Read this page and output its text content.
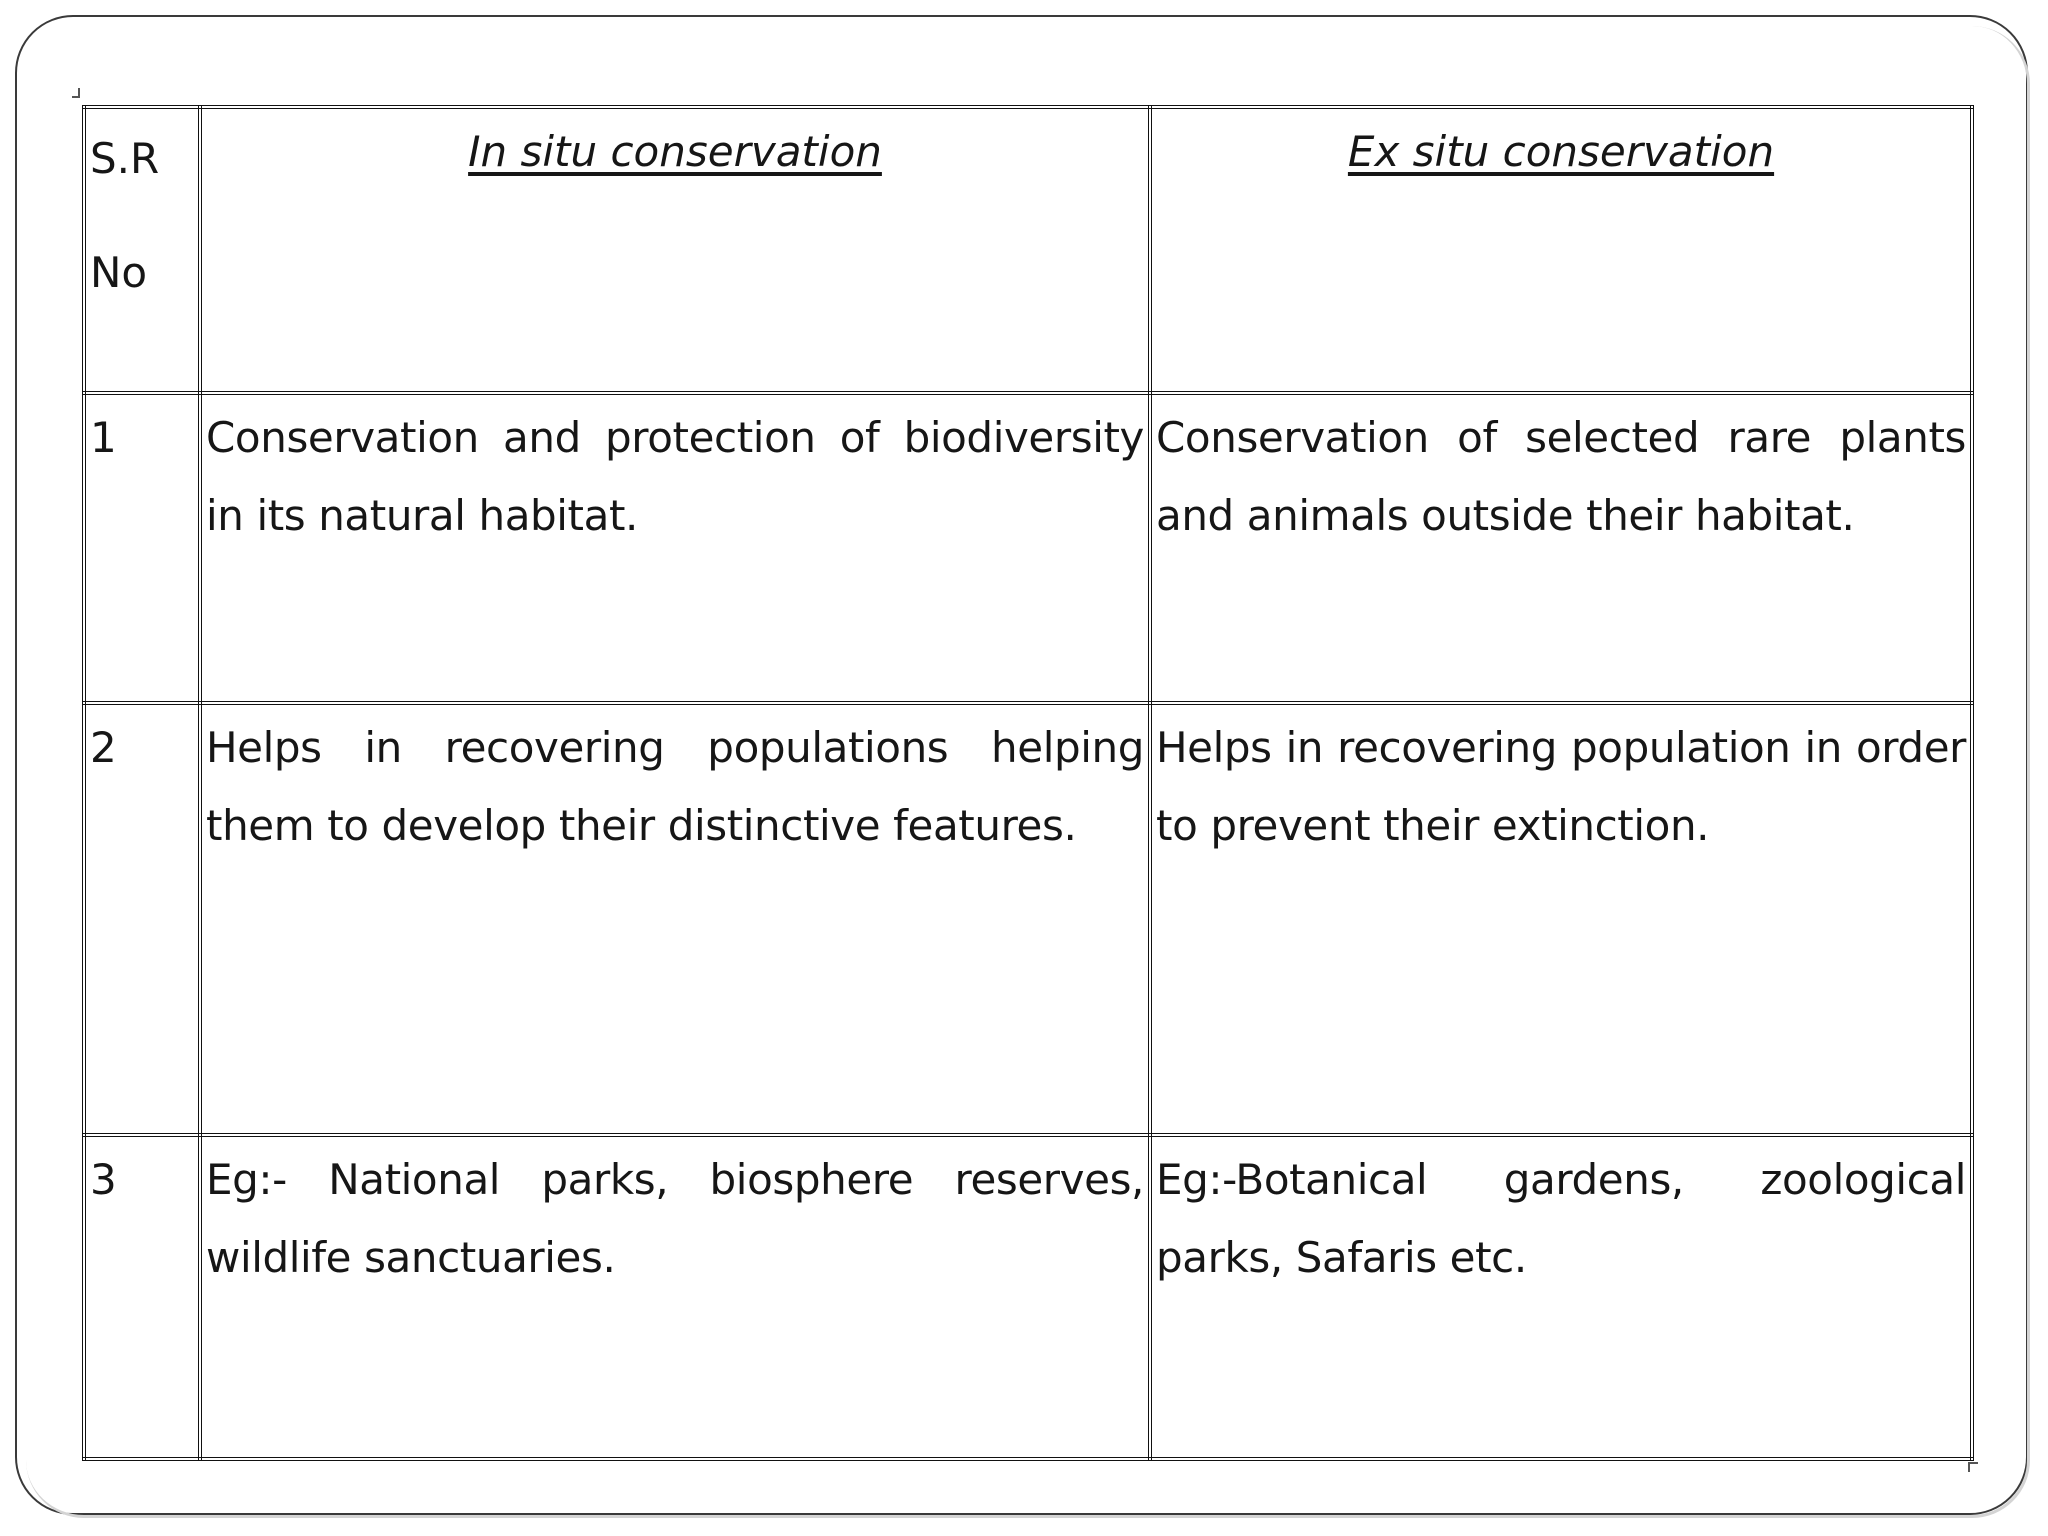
S.R
No	In situ conservation	Ex situ conservation
1	Conservation and protection of biodiversity in its natural habitat.	Conservation of selected rare plants and animals outside their habitat.
2	Helps in recovering populations helping them to develop their distinctive features.	Helps in recovering population in order to prevent their extinction.
3	Eg:- National parks, biosphere reserves, wildlife sanctuaries.	Eg:-Botanical gardens, zoological parks, Safaris etc.
